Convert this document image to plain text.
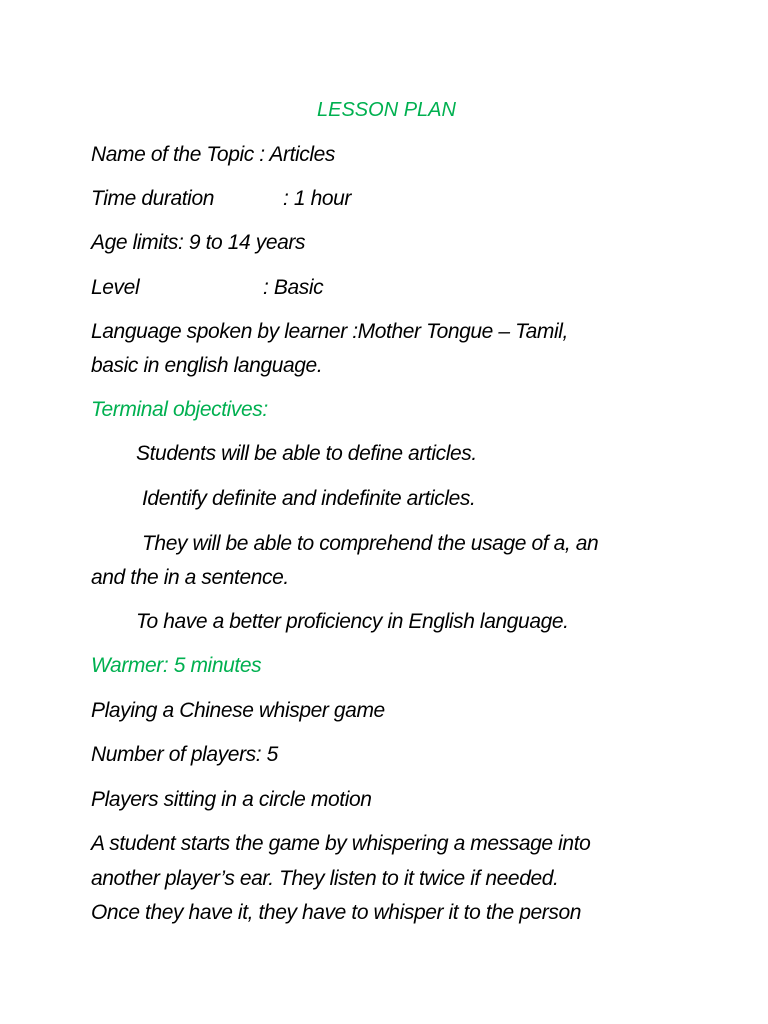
LESSON PLAN
Name of the Topic : Articles
Time duration	: 1 hour
Age limits: 9 to 14 years
Level	: Basic
Language spoken by learner :Mother Tongue – Tamil,
basic in english language.
Terminal objectives:
Students will be able to define articles.
Identify definite and indefinite articles.
They will be able to comprehend the usage of a, an
and the in a sentence.
To have a better proficiency in English language.
Warmer: 5 minutes
Playing a Chinese whisper game
Number of players: 5
Players sitting in a circle motion
A student starts the game by whispering a message into
another player’s ear. They listen to it twice if needed.
Once they have it, they have to whisper it to the person
